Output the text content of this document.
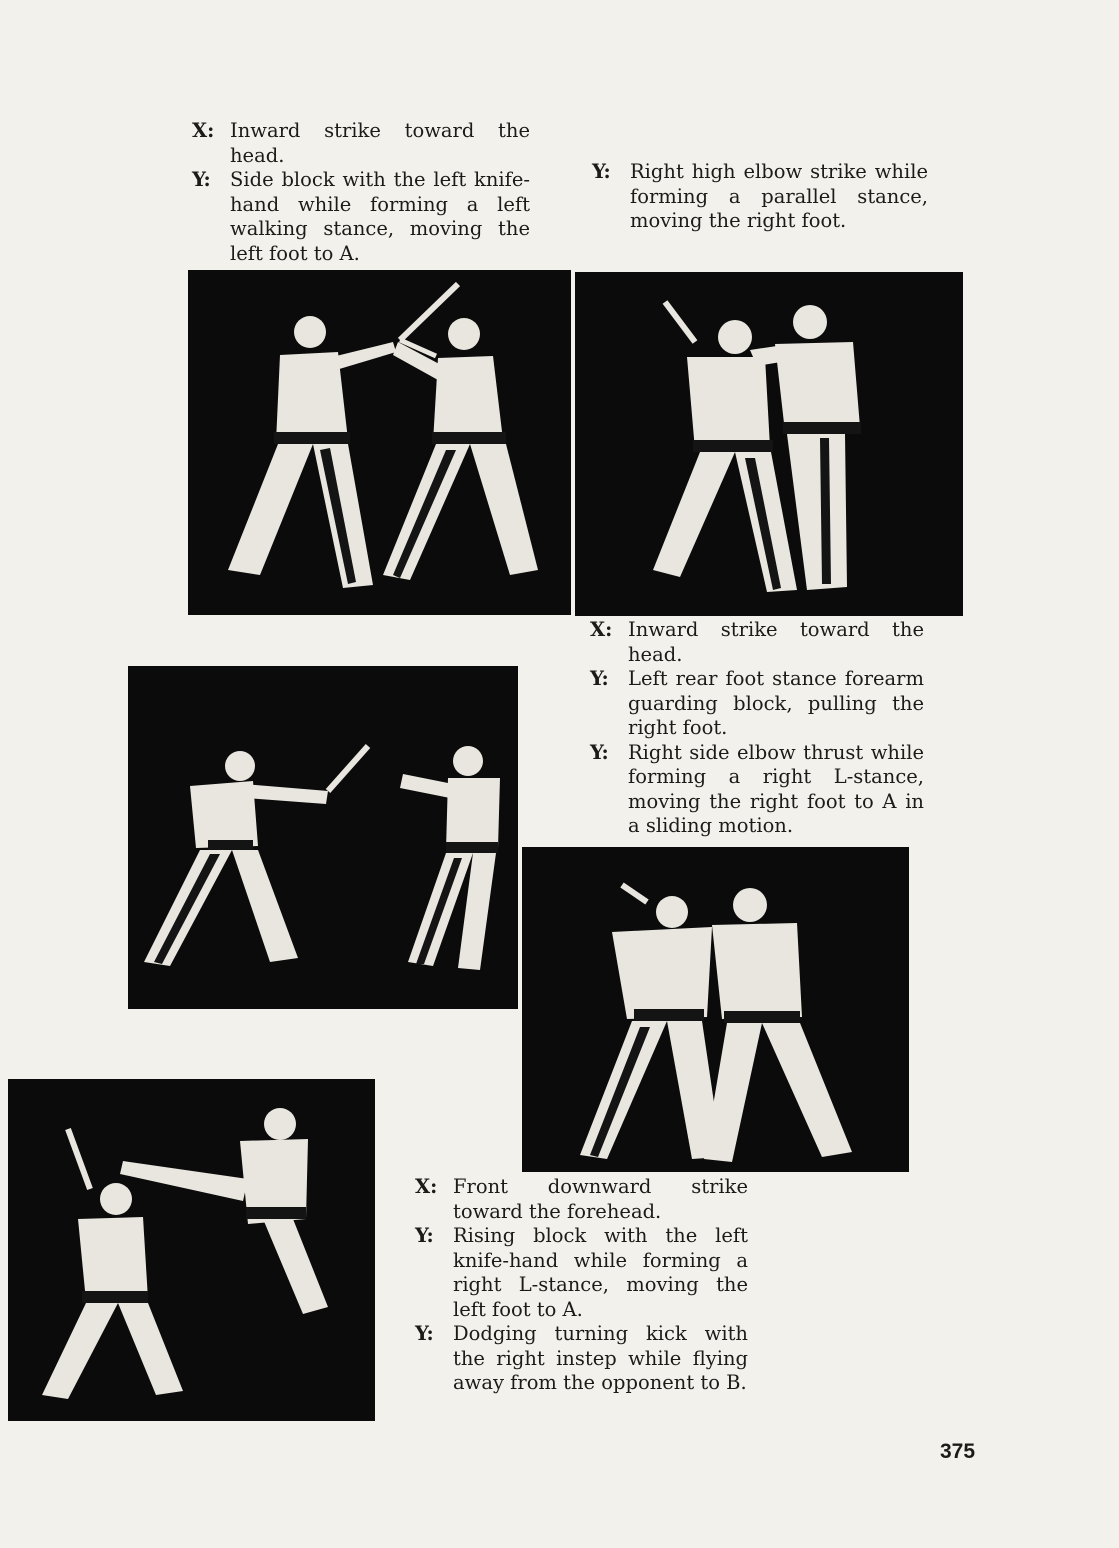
X: Inward strike toward the head.
Y: Side block with the left knife-hand while forming a left walking stance, moving the left foot to A.
Y: Right high elbow strike while forming a parallel stance, moving the right foot.
X: Inward strike toward the head.
Y: Left rear foot stance forearm guarding block, pulling the right foot.
Y: Right side elbow thrust while forming a right L-stance, moving the right foot to A in a sliding motion.
X: Front downward strike toward the forehead.
Y: Rising block with the left knife-hand while forming a right L-stance, moving the left foot to A.
Y: Dodging turning kick with the right instep while flying away from the opponent to B.
375
